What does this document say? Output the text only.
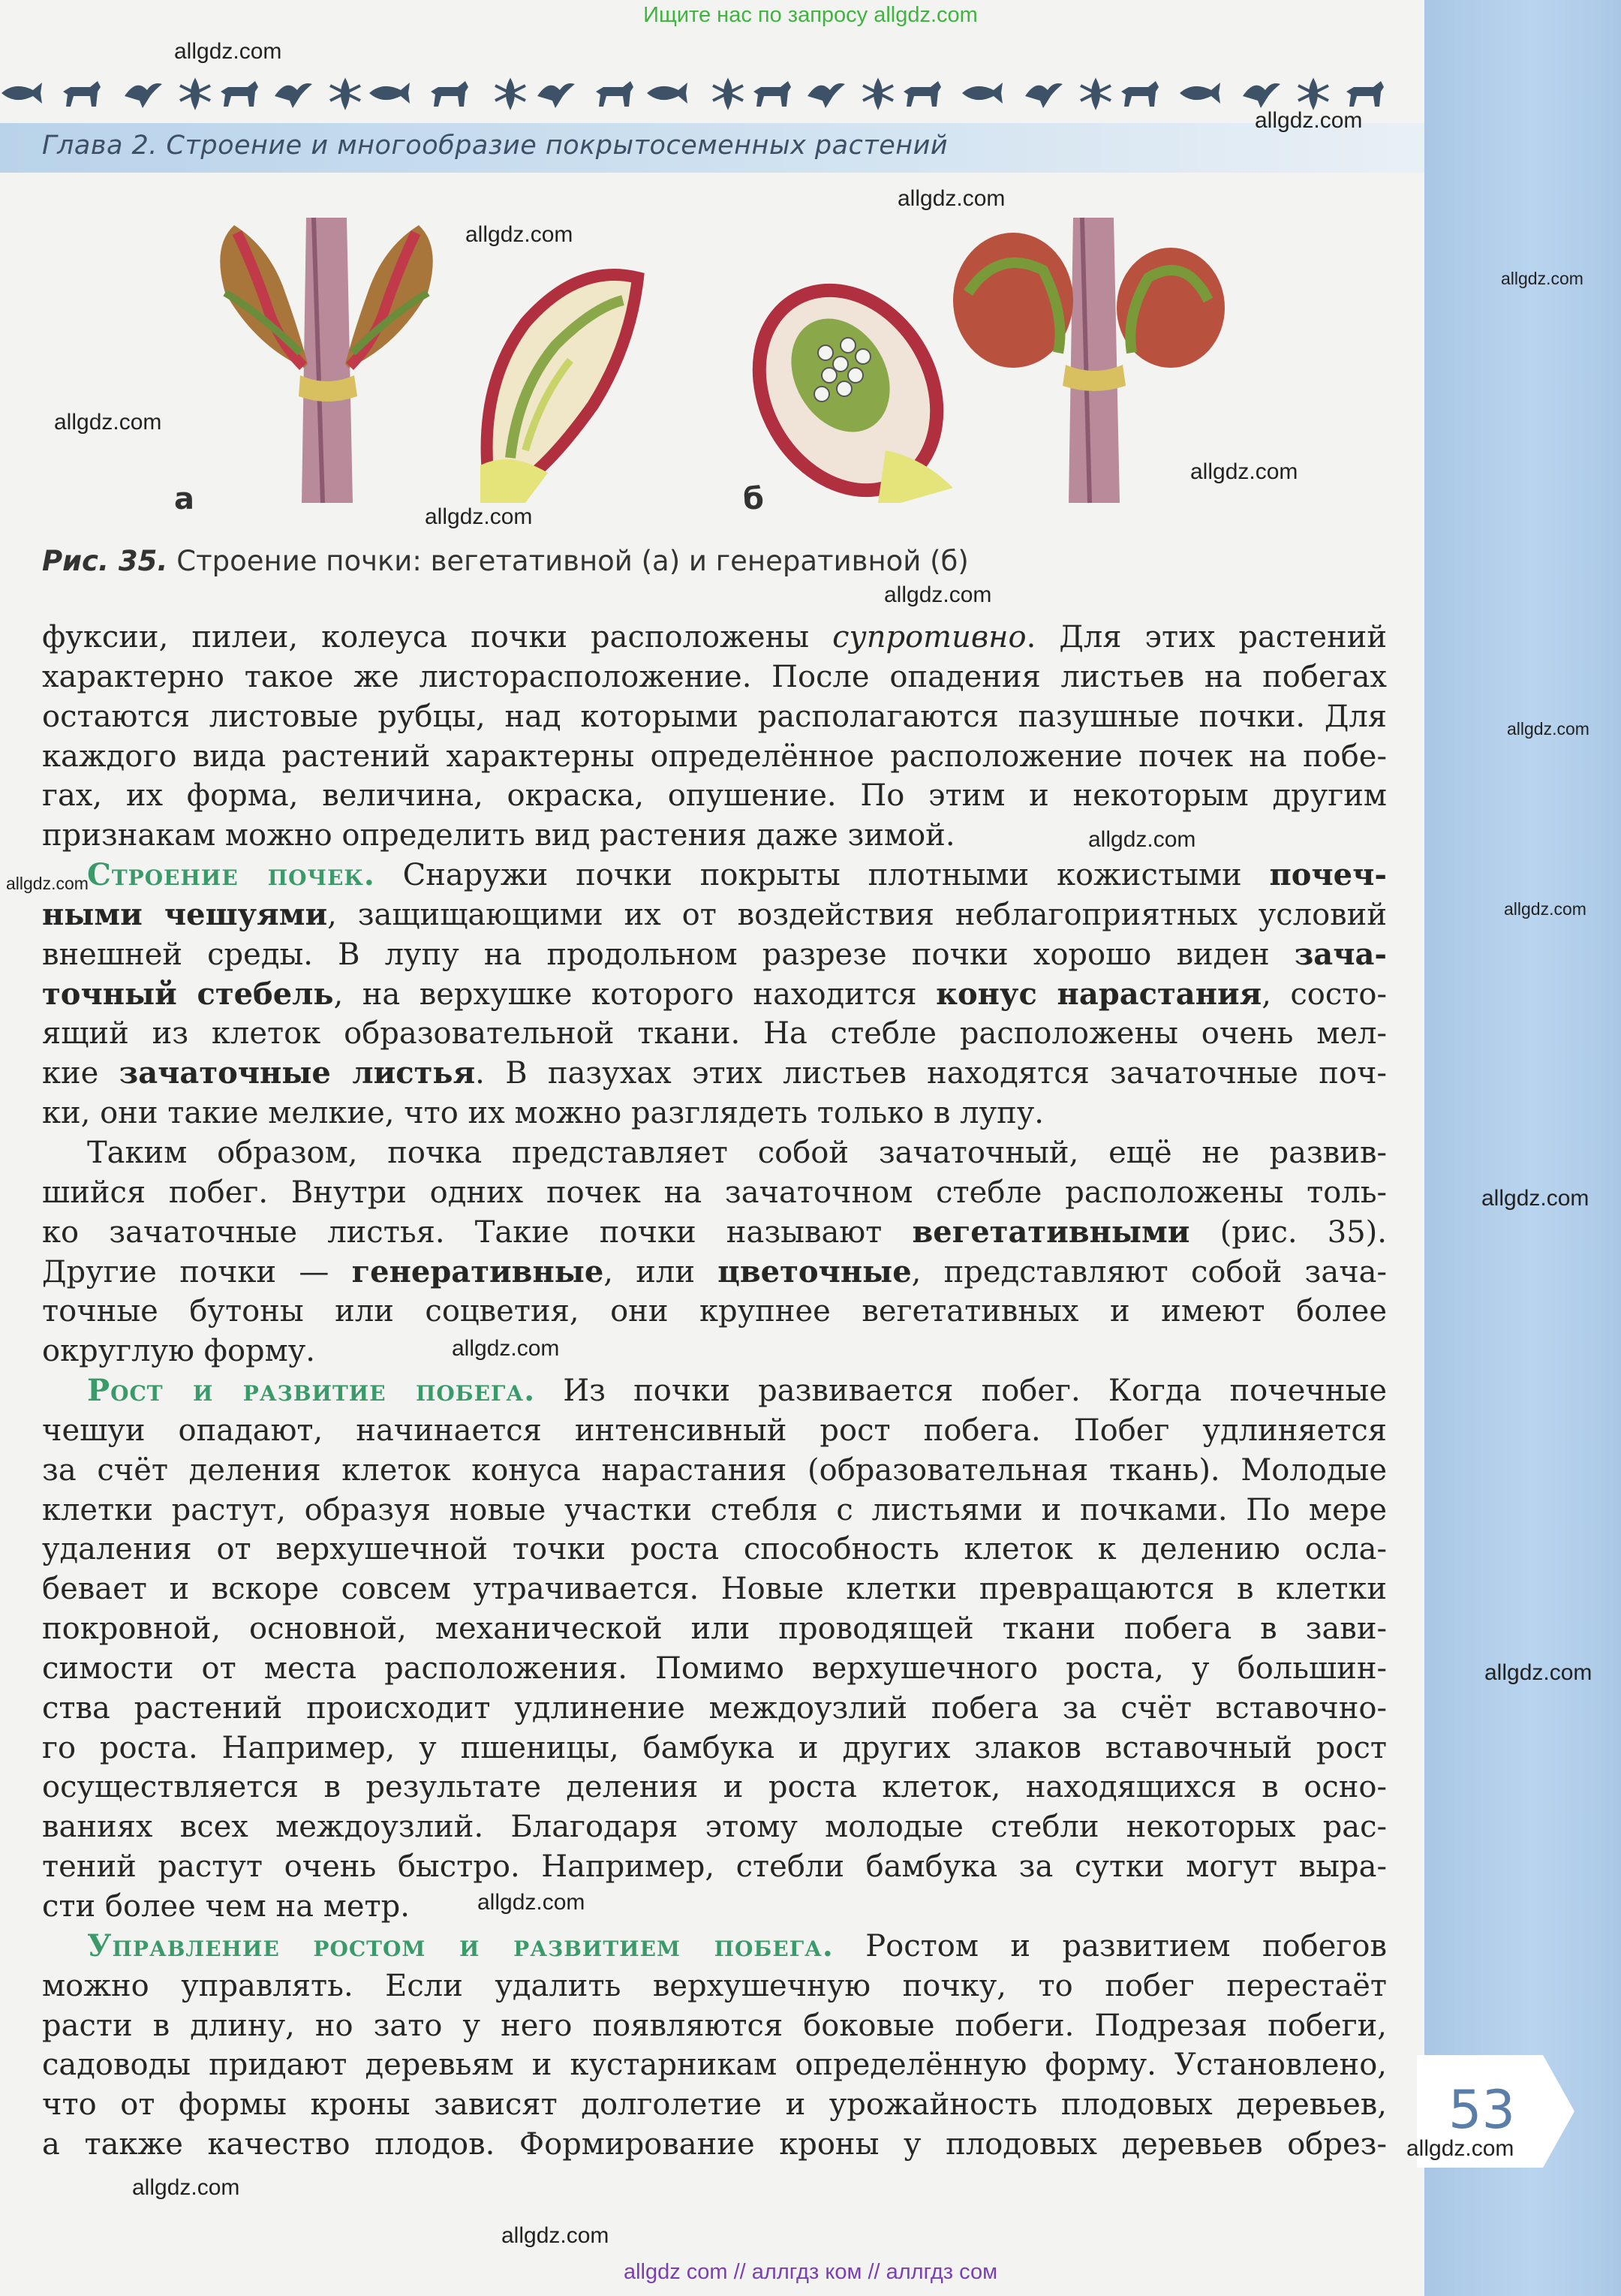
53
Ищите нас по запросу allgdz.com
Глава 2. Строение и многообразие покрытосеменных растений
а	б
Рис. 35. Строение почки: вегетативной (а) и генеративной (б)
фуксии, пилеи, колеуса почки расположены супротивно. Для этих растений
характерно такое же листорасположение. После опадения листьев на побегах
остаются листовые рубцы, над которыми располагаются пазушные почки. Для
каждого вида растений характерны определённое расположение почек на побе-
гах, их форма, величина, окраска, опушение. По этим и некоторым другим
признакам можно определить вид растения даже зимой.
Строение почек. Снаружи почки покрыты плотными кожистыми почеч-
ными чешуями, защищающими их от воздействия неблагоприятных условий
внешней среды. В лупу на продольном разрезе почки хорошо виден зача-
точный стебель, на верхушке которого находится конус нарастания, состо-
ящий из клеток образовательной ткани. На стебле расположены очень мел-
кие зачаточные листья. В пазухах этих листьев находятся зачаточные поч-
ки, они такие мелкие, что их можно разглядеть только в лупу.
Таким образом, почка представляет собой зачаточный, ещё не развив-
шийся побег. Внутри одних почек на зачаточном стебле расположены толь-
ко зачаточные листья. Такие почки называют вегетативными (рис. 35).
Другие почки — генеративные, или цветочные, представляют собой зача-
точные бутоны или соцветия, они крупнее вегетативных и имеют более
округлую форму.
Рост и развитие побега. Из почки развивается побег. Когда почечные
чешуи опадают, начинается интенсивный рост побега. Побег удлиняется
за счёт деления клеток конуса нарастания (образовательная ткань). Молодые
клетки растут, образуя новые участки стебля с листьями и почками. По мере
удаления от верхушечной точки роста способность клеток к делению осла-
бевает и вскоре совсем утрачивается. Новые клетки превращаются в клетки
покровной, основной, механической или проводящей ткани побега в зави-
симости от места расположения. Помимо верхушечного роста, у большин-
ства растений происходит удлинение междоузлий побега за счёт вставочно-
го роста. Например, у пшеницы, бамбука и других злаков вставочный рост
осуществляется в результате деления и роста клеток, находящихся в осно-
ваниях всех междоузлий. Благодаря этому молодые стебли некоторых рас-
тений растут очень быстро. Например, стебли бамбука за сутки могут выра-
сти более чем на метр.
Управление ростом и развитием побега. Ростом и развитием побегов
можно управлять. Если удалить верхушечную почку, то побег перестаёт
расти в длину, но зато у него появляются боковые побеги. Подрезая побеги,
садоводы придают деревьям и кустарникам определённую форму. Установлено,
что от формы кроны зависят долголетие и урожайность плодовых деревьев,
а также качество плодов. Формирование кроны у плодовых деревьев обрез-
allgdz.com
allgdz.com
allgdz.com
allgdz.com
allgdz.com
allgdz.com
allgdz.com
allgdz.com
allgdz.com
allgdz.com
allgdz.com
allgdz.com
allgdz.com
allgdz.com
allgdz.com
allgdz.com
allgdz.com
allgdz.com
allgdz.com
allgdz.com
allgdz com // аллгдз ком // аллгдз сом
